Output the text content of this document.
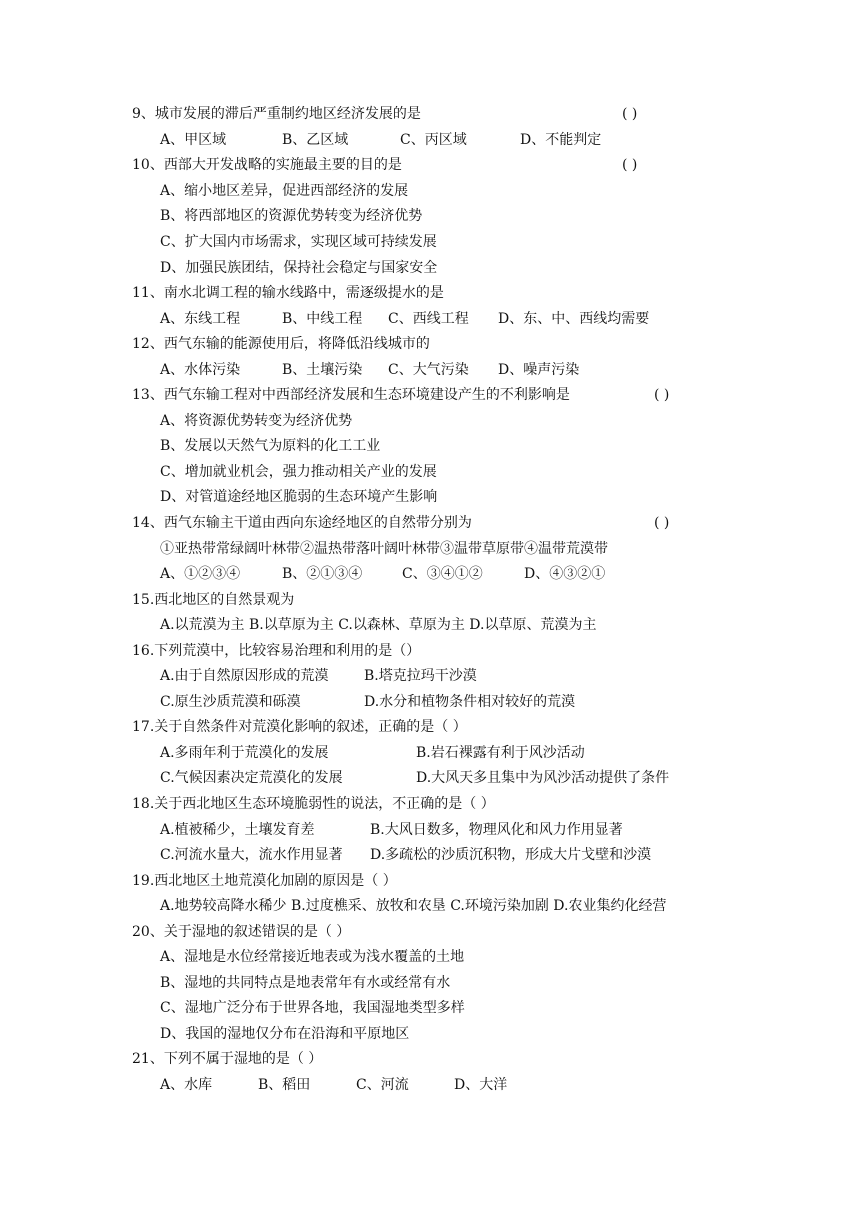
9、城市发展的滞后严重制约地区经济发展的是	( )
A、甲区域	B、乙区域	C、丙区域	D、不能判定
10、西部大开发战略的实施最主要的目的是	( )
A、缩小地区差异，促进西部经济的发展
B、将西部地区的资源优势转变为经济优势
C、扩大国内市场需求，实现区域可持续发展
D、加强民族团结，保持社会稳定与国家安全
11、南水北调工程的输水线路中，需逐级提水的是
A、东线工程	B、中线工程 C、西线工程 D、东、中、西线均需要
12、西气东输的能源使用后，将降低沿线城市的
A、水体污染	B、土壤污染 C、大气污染 D、噪声污染
13、西气东输工程对中西部经济发展和生态环境建设产生的不利影响是	( )
A、将资源优势转变为经济优势
B、发展以天然气为原料的化工工业
C、增加就业机会，强力推动相关产业的发展
D、对管道途经地区脆弱的生态环境产生影响
14、西气东输主干道由西向东途经地区的自然带分别为	( )
①亚热带常绿阔叶林带②温热带落叶阔叶林带③温带草原带④温带荒漠带
A、①②③④	B、②①③④	C、③④①②	D、④③②①
15.西北地区的自然景观为
A.以荒漠为主 B.以草原为主 C.以森林、草原为主 D.以草原、荒漠为主
16.下列荒漠中，比较容易治理和利用的是（）
A.由于自然原因形成的荒漠	B.塔克拉玛干沙漠
C.原生沙质荒漠和砾漠	D.水分和植物条件相对较好的荒漠
17.关于自然条件对荒漠化影响的叙述，正确的是（ ）
A.多雨年利于荒漠化的发展	B.岩石裸露有利于风沙活动
C.气候因素决定荒漠化的发展	D.大风天多且集中为风沙活动提供了条件
18.关于西北地区生态环境脆弱性的说法，不正确的是（ ）
A.植被稀少，土壤发育差	B.大风日数多，物理风化和风力作用显著
C.河流水量大，流水作用显著 D.多疏松的沙质沉积物，形成大片戈壁和沙漠
19.西北地区土地荒漠化加剧的原因是（ ）
A.地势较高降水稀少 B.过度樵采、放牧和农垦 C.环境污染加剧 D.农业集约化经营
20、关于湿地的叙述错误的是（ ）
A、湿地是水位经常接近地表或为浅水覆盖的土地
B、湿地的共同特点是地表常年有水或经常有水
C、湿地广泛分布于世界各地，我国湿地类型多样
D、我国的湿地仅分布在沿海和平原地区
21、下列不属于湿地的是（ ）
A、水库	B、稻田	C、河流	D、大洋
